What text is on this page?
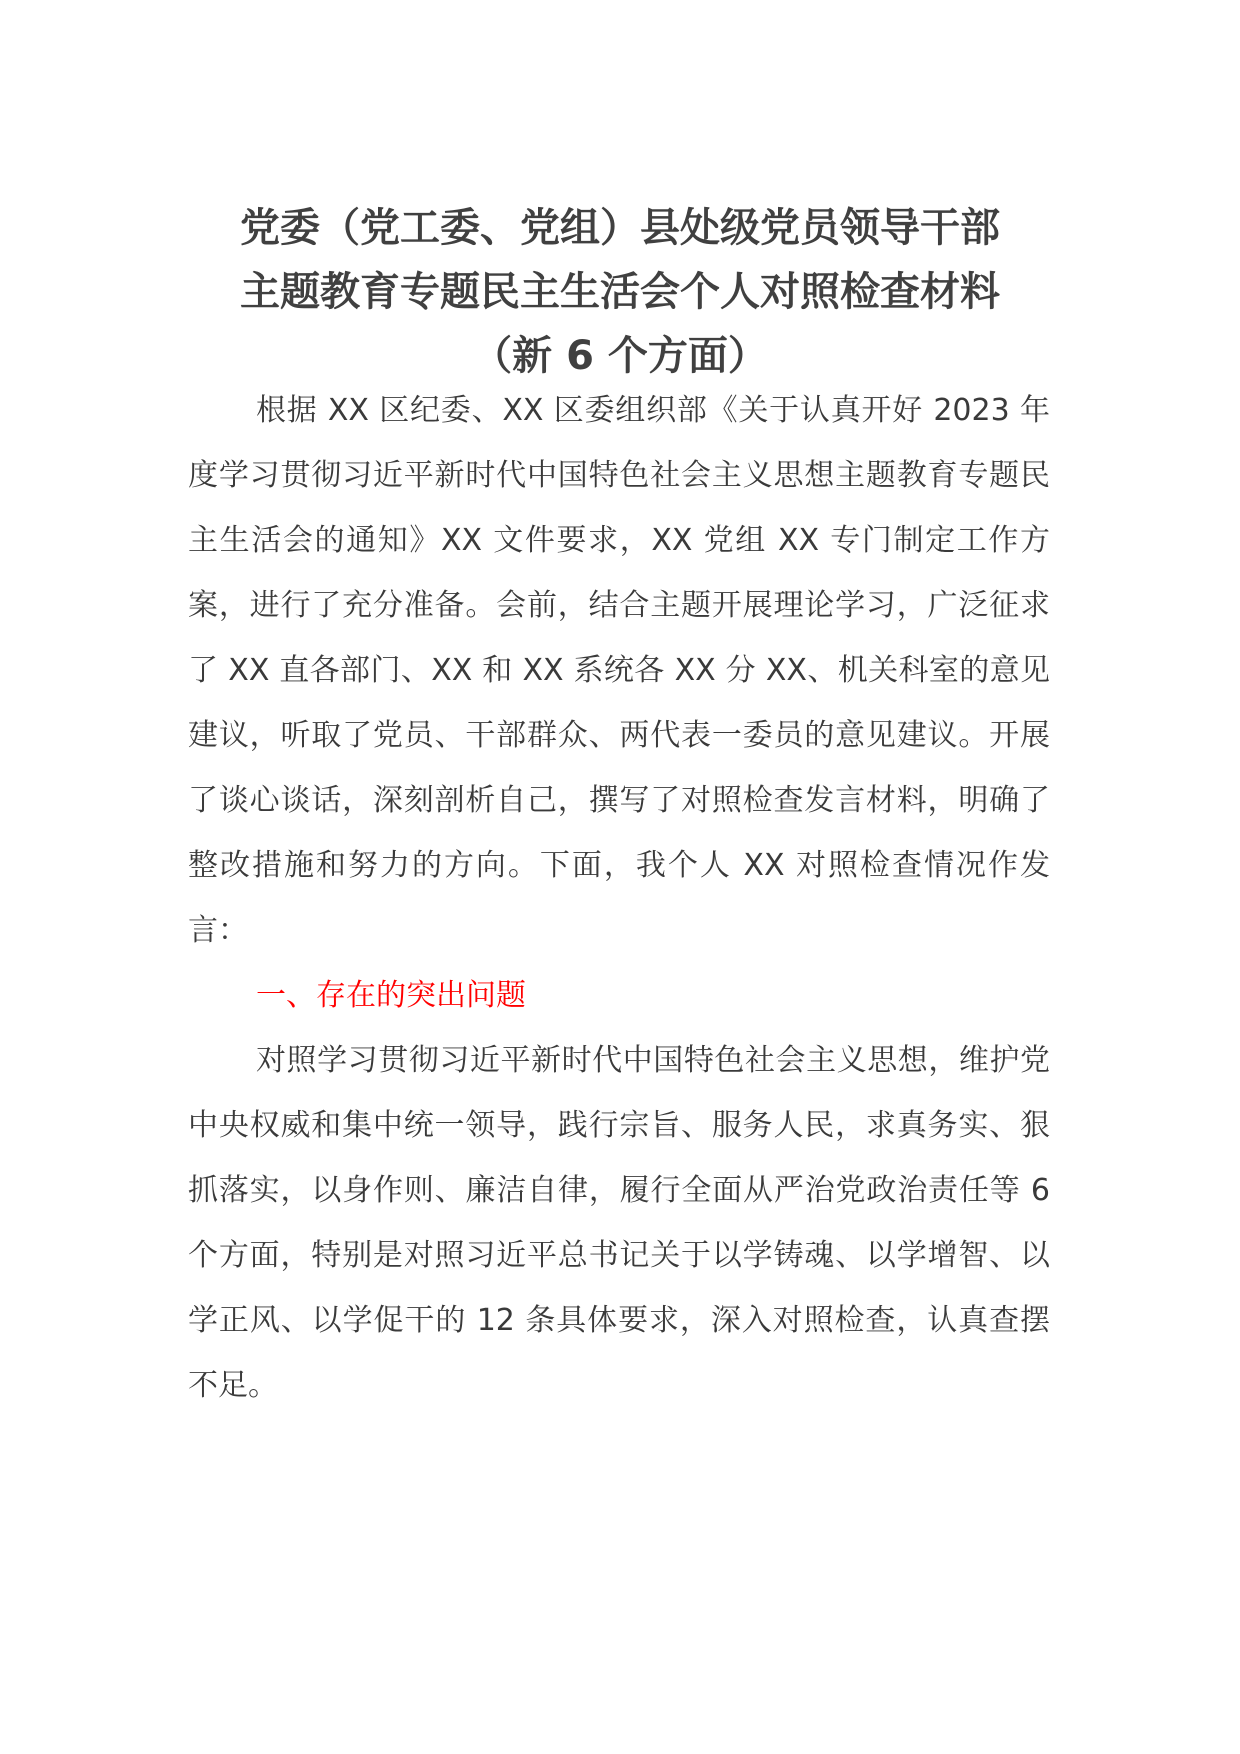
党委（党工委、党组）县处级党员领导干部
主题教育专题民主生活会个人对照检查材料
（新 6 个方面）

根据 XX 区纪委、XX 区委组织部《关于认真开好 2023 年度学习贯彻习近平新时代中国特色社会主义思想主题教育专题民主生活会的通知》XX 文件要求，XX 党组 XX 专门制定工作方案，进行了充分准备。会前，结合主题开展理论学习，广泛征求了 XX 直各部门、XX 和 XX 系统各 XX 分 XX、机关科室的意见建议，听取了党员、干部群众、两代表一委员的意见建议。开展了谈心谈话，深刻剖析自己，撰写了对照检查发言材料，明确了整改措施和努力的方向。下面，我个人 XX 对照检查情况作发言：

一、存在的突出问题

对照学习贯彻习近平新时代中国特色社会主义思想，维护党中央权威和集中统一领导，践行宗旨、服务人民，求真务实、狠抓落实，以身作则、廉洁自律，履行全面从严治党政治责任等 6 个方面，特别是对照习近平总书记关于以学铸魂、以学增智、以学正风、以学促干的 12 条具体要求，深入对照检查，认真查摆不足。
